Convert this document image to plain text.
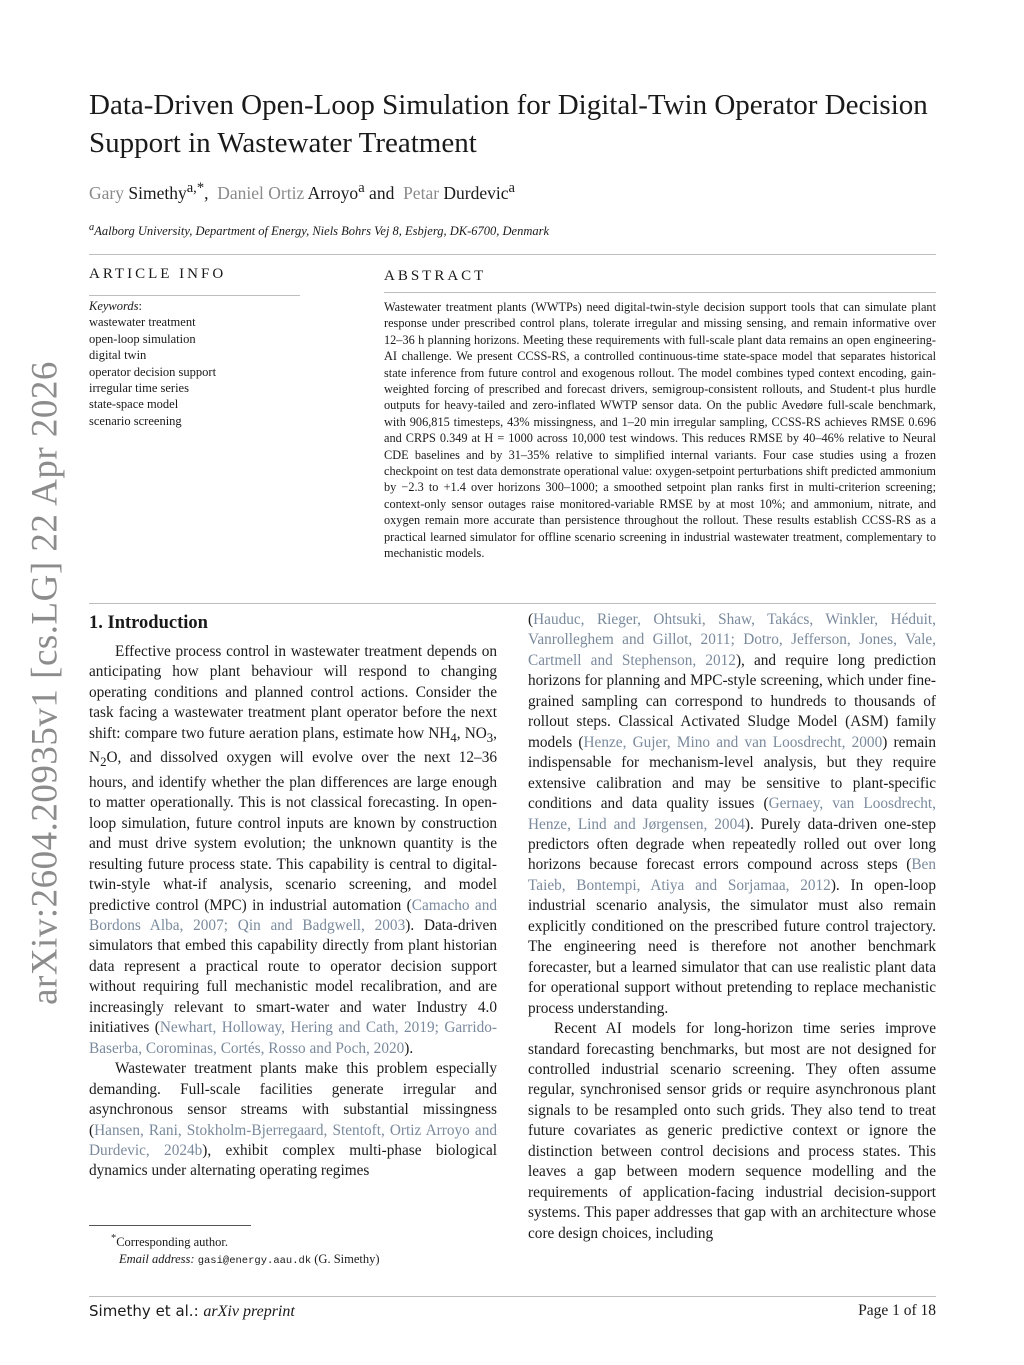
arXiv:2604.20935v1 [cs.LG] 22 Apr 2026
Data-Driven Open-Loop Simulation for Digital-Twin Operator Decision Support in Wastewater Treatment
Gary Simethy$^{a,*}$, Daniel Ortiz Arroyo$^a$ and Petar Durdevic$^a$
$^a$Aalborg University, Department of Energy, Niels Bohrs Vej 8, Esbjerg, DK-6700, Denmark
ARTICLE INFO
Keywords:
wastewater treatment
open-loop simulation
digital twin
operator decision support
irregular time series
state-space model
scenario screening
ABSTRACT

Wastewater treatment plants (WWTPs) need digital-twin-style decision support tools that can simulate plant response under prescribed control plans, tolerate irregular and missing sensing, and remain informative over 12–36 h planning horizons. Meeting these requirements with full-scale plant data remains an open engineering-AI challenge. We present CCSS-RS, a controlled continuous-time state-space model that separates historical state inference from future control and exogenous rollout. The model combines typed context encoding, gain-weighted forcing of prescribed and forecast drivers, semigroup-consistent rollouts, and Student-t plus hurdle outputs for heavy-tailed and zero-inflated WWTP sensor data. On the public Avedøre full-scale benchmark, with 906,815 timesteps, 43% missingness, and 1–20 min irregular sampling, CCSS-RS achieves RMSE 0.696 and CRPS 0.349 at H = 1000 across 10,000 test windows. This reduces RMSE by 40–46% relative to Neural CDE baselines and by 31–35% relative to simplified internal variants. Four case studies using a frozen checkpoint on test data demonstrate operational value: oxygen-setpoint perturbations shift predicted ammonium by −2.3 to +1.4 over horizons 300–1000; a smoothed setpoint plan ranks first in multi-criterion screening; context-only sensor outages raise monitored-variable RMSE by at most 10%; and ammonium, nitrate, and oxygen remain more accurate than persistence throughout the rollout. These results establish CCSS-RS as a practical learned simulator for offline scenario screening in industrial wastewater treatment, complementary to mechanistic models.

1. Introduction

Effective process control in wastewater treatment depends on anticipating how plant behaviour will respond to changing operating conditions and planned control actions. Consider the task facing a wastewater treatment plant operator before the next shift: compare two future aeration plans, estimate how $NH_4$, $NO_3$, $N_2O$, and dissolved oxygen will evolve over the next 12–36 hours, and identify whether the plan differences are large enough to matter operationally. This is not classical forecasting. In open-loop simulation, future control inputs are known by construction and must drive system evolution; the unknown quantity is the resulting future process state. This capability is central to digital-twin-style what-if analysis, scenario screening, and model predictive control (MPC) in industrial automation (Camacho and Bordons Alba, 2007; Qin and Badgwell, 2003). Data-driven simulators that embed this capability directly from plant historian data represent a practical route to operator decision support without requiring full mechanistic model recalibration, and are increasingly relevant to smart-water and water Industry 4.0 initiatives (Newhart, Holloway, Hering and Cath, 2019; Garrido-Baserba, Corominas, Cortés, Rosso and Poch, 2020).

Wastewater treatment plants make this problem especially demanding. Full-scale facilities generate irregular and asynchronous sensor streams with substantial missingness (Hansen, Rani, Stokholm-Bjerregaard, Stentoft, Ortiz Arroyo and Durdevic, 2024b), exhibit complex multi-phase biological dynamics under alternating operating regimes

(Hauduc, Rieger, Ohtsuki, Shaw, Takács, Winkler, Héduit, Vanrolleghem and Gillot, 2011; Dotro, Jefferson, Jones, Vale, Cartmell and Stephenson, 2012), and require long prediction horizons for planning and MPC-style screening, which under fine-grained sampling can correspond to hundreds to thousands of rollout steps. Classical Activated Sludge Model (ASM) family models (Henze, Gujer, Mino and van Loosdrecht, 2000) remain indispensable for mechanism-level analysis, but they require extensive calibration and may be sensitive to plant-specific conditions and data quality issues (Gernaey, van Loosdrecht, Henze, Lind and Jørgensen, 2004). Purely data-driven one-step predictors often degrade when repeatedly rolled out over long horizons because forecast errors compound across steps (Ben Taieb, Bontempi, Atiya and Sorjamaa, 2012). In open-loop industrial scenario analysis, the simulator must also remain explicitly conditioned on the prescribed future control trajectory. The engineering need is therefore not another benchmark forecaster, but a learned simulator that can use realistic plant data for operational support without pretending to replace mechanistic process understanding.

Recent AI models for long-horizon time series improve standard forecasting benchmarks, but most are not designed for controlled industrial scenario screening. They often assume regular, synchronised sensor grids or require asynchronous plant signals to be resampled onto such grids. They also tend to treat future covariates as generic predictive context or ignore the distinction between control decisions and process states. This leaves a gap between modern sequence modelling and the requirements of application-facing industrial decision-support systems. This paper addresses that gap with an architecture whose core design choices, including

*Corresponding author.
Email address: gasi@energy.aau.dk (G. Simethy)
Simethy et al.: arXiv preprint	Page 1 of 18
